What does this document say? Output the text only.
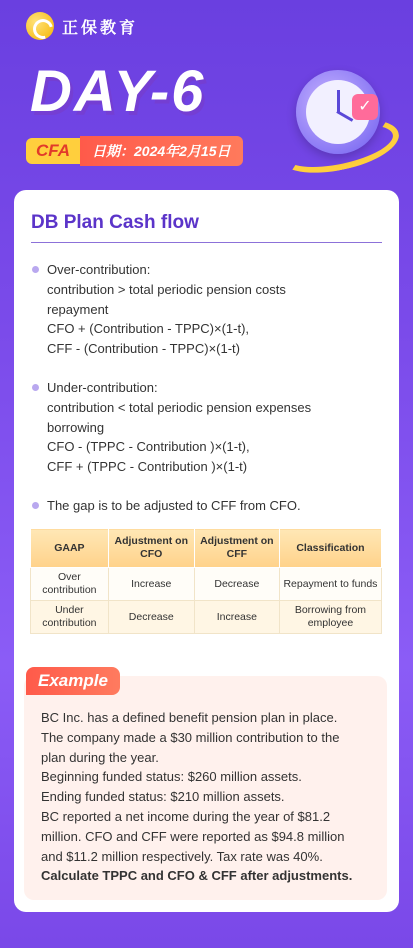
正保教育
DAY-6
CFA	日期：2024年2月15日
✓
DB Plan Cash flow
Over-contribution:
contribution > total periodic pension costs
repayment
CFO + (Contribution - TPPC)×(1-t),
CFF - (Contribution - TPPC)×(1-t)
Under-contribution:
contribution < total periodic pension expenses
borrowing
CFO - (TPPC - Contribution )×(1-t),
CFF + (TPPC - Contribution )×(1-t)
The gap is to be adjusted to CFF from CFO.
GAAP	Adjustment on CFO	Adjustment on CFF	Classification
Over contribution	Increase	Decrease	Repayment to funds
Under contribution	Decrease	Increase	Borrowing from employee
Example
BC Inc. has a defined benefit pension plan in place.
The company made a $30 million contribution to the
plan during the year.
Beginning funded status: $260 million assets.
Ending funded status: $210 million assets.
BC reported a net income during the year of $81.2
million. CFO and CFF were reported as $94.8 million
and $11.2 million respectively. Tax rate was 40%.
Calculate TPPC and CFO & CFF after adjustments.
